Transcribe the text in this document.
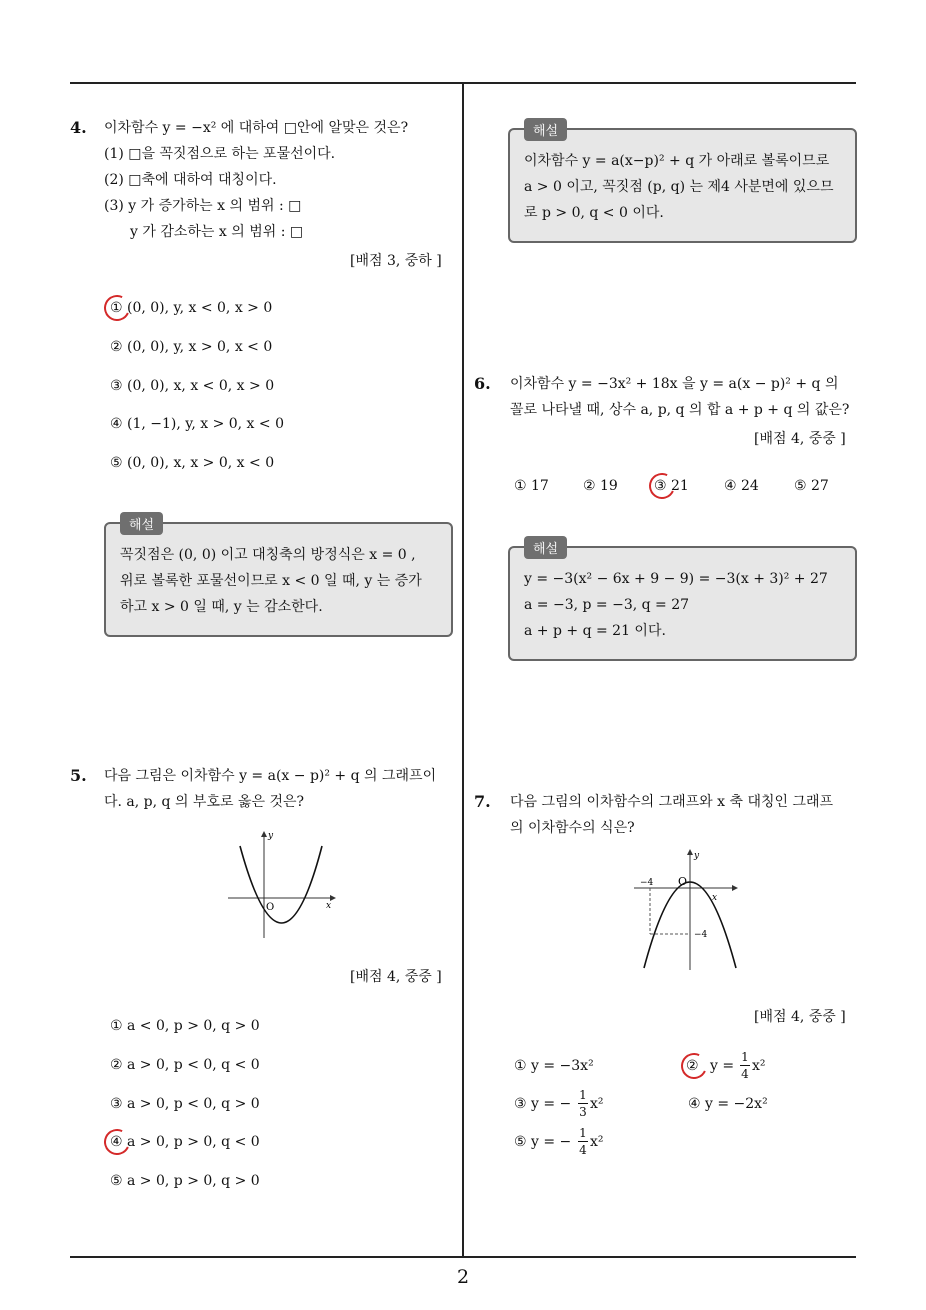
4. 이차함수 y = −x² 에 대하여 □안에 알맞은 것은?
(1) □을 꼭짓점으로 하는 포물선이다.
(2) □축에 대하여 대칭이다.
(3) y 가 증가하는 x 의 범위 : □
y 가 감소하는 x 의 범위 : □
[배점 3, 중하 ]
① (0, 0), y, x < 0, x > 0
② (0, 0), y, x > 0, x < 0
③ (0, 0), x, x < 0, x > 0
④ (1, −1), y, x > 0, x < 0
⑤ (0, 0), x, x > 0, x < 0
해설
꼭짓점은 (0, 0) 이고 대칭축의 방정식은 x = 0 ,
위로 볼록한 포물선이므로 x < 0 일 때, y 는 증가
하고 x > 0 일 때, y 는 감소한다.
5. 다음 그림은 이차함수 y = a(x − p)² + q 의 그래프이
다. a, p, q 의 부호로 옳은 것은?
y
x
O
[배점 4, 중중 ]
① a < 0, p > 0, q > 0
② a > 0, p < 0, q < 0
③ a > 0, p < 0, q > 0
④ a > 0, p > 0, q < 0
⑤ a > 0, p > 0, q > 0
해설
이차함수 y = a(x−p)² + q 가 아래로 볼록이므로
a > 0 이고, 꼭짓점 (p, q) 는 제4 사분면에 있으므
로 p > 0, q < 0 이다.
6. 이차함수 y = −3x² + 18x 을 y = a(x − p)² + q 의
꼴로 나타낼 때, 상수 a, p, q 의 합 a + p + q 의 값은?
[배점 4, 중중 ]
① 17 ② 19	③ 21	④ 24	⑤ 27
해설
y = −3(x² − 6x + 9 − 9) = −3(x + 3)² + 27
a = −3, p = −3, q = 27
a + p + q = 21 이다.
7. 다음 그림의 이차함수의 그래프와 x 축 대칭인 그래프
의 이차함수의 식은?
y
x
O
−4
−4
[배점 4, 중중 ]
① y = −3x²	② y =
1
4 x²
③ y = −
1
3 x²	④ y = −2x²
⑤ y = −
1
4 x²
2
